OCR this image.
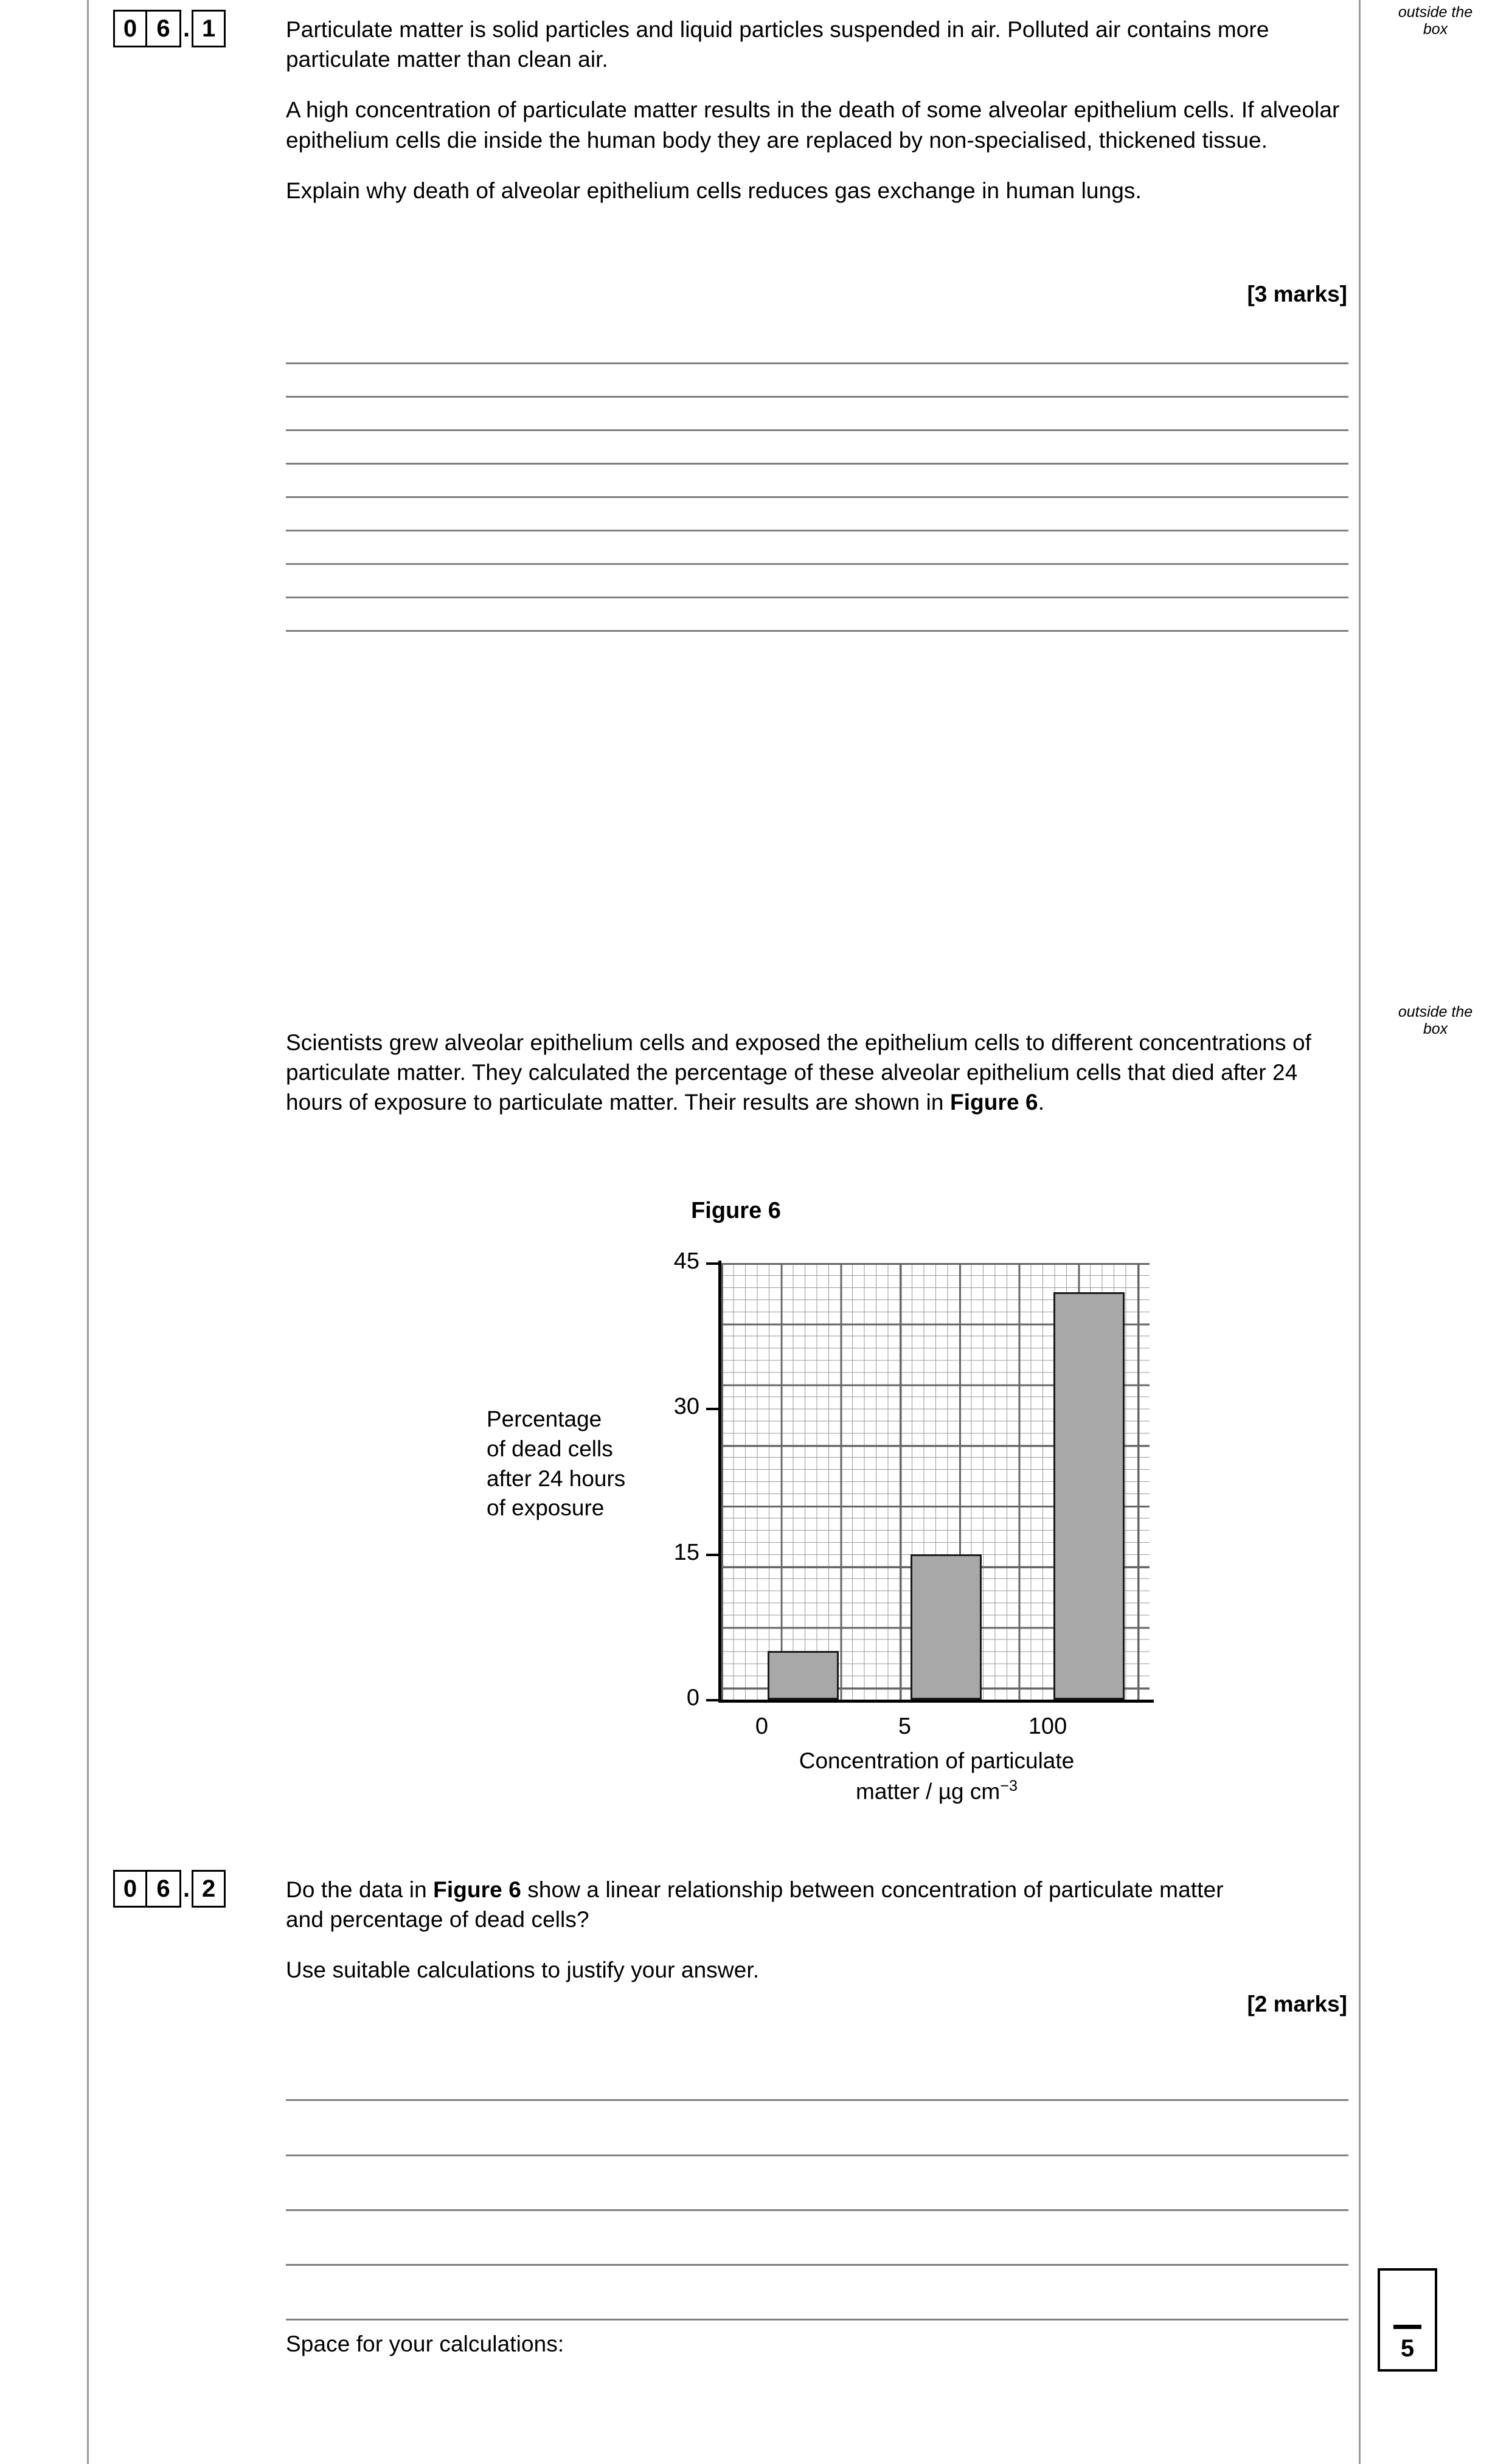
outside the
box
outside the
box
0 6 . 1	Particulate matter is solid particles and liquid particles suspended in air. Polluted air contains more particulate matter than clean air.

A high concentration of particulate matter results in the death of some alveolar epithelium cells. If alveolar epithelium cells die inside the human body they are replaced by non-specialised, thickened tissue.

Explain why death of alveolar epithelium cells reduces gas exchange in human lungs.

[3 marks]

Scientists grew alveolar epithelium cells and exposed the epithelium cells to different concentrations of particulate matter. They calculated the percentage of these alveolar epithelium cells that died after 24 hours of exposure to particulate matter. Their results are shown in Figure 6.

Figure 6
Percentage
of dead cells
after 24 hours
of exposure
45
30
15
0
0	5	100
Concentration of particulate
matter / µg $cm^{-3}$
0 6 . 2	Do the data in Figure 6 show a linear relationship between concentration of particulate matter and percentage of dead cells?

Use suitable calculations to justify your answer.

[2 marks]

Space for your calculations:	5
